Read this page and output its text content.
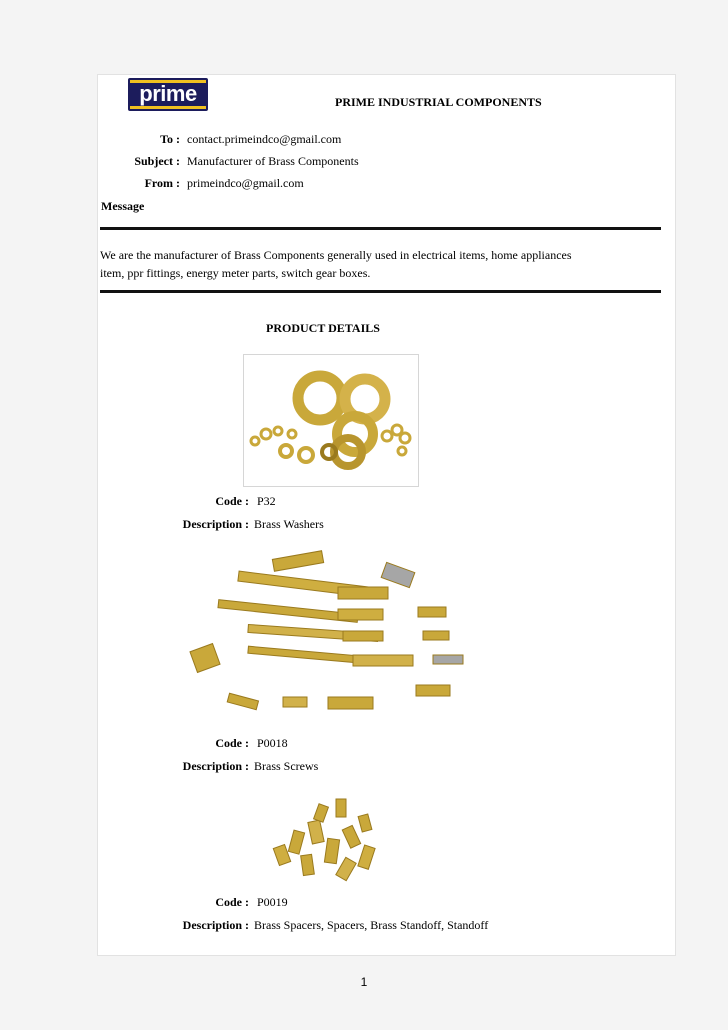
prime	PRIME INDUSTRIAL COMPONENTS
To : contact.primeindco@gmail.com
Subject : Manufacturer of Brass Components
From : primeindco@gmail.com
Message
We are the manufacturer of Brass Components generally used in electrical items, home appliances
item, ppr fittings, energy meter parts, switch gear boxes.
PRODUCT DETAILS
Code : P32
Description : Brass Washers
Code : P0018
Description : Brass Screws
Code : P0019
Description : Brass Spacers, Spacers, Brass Standoff, Standoff
1
